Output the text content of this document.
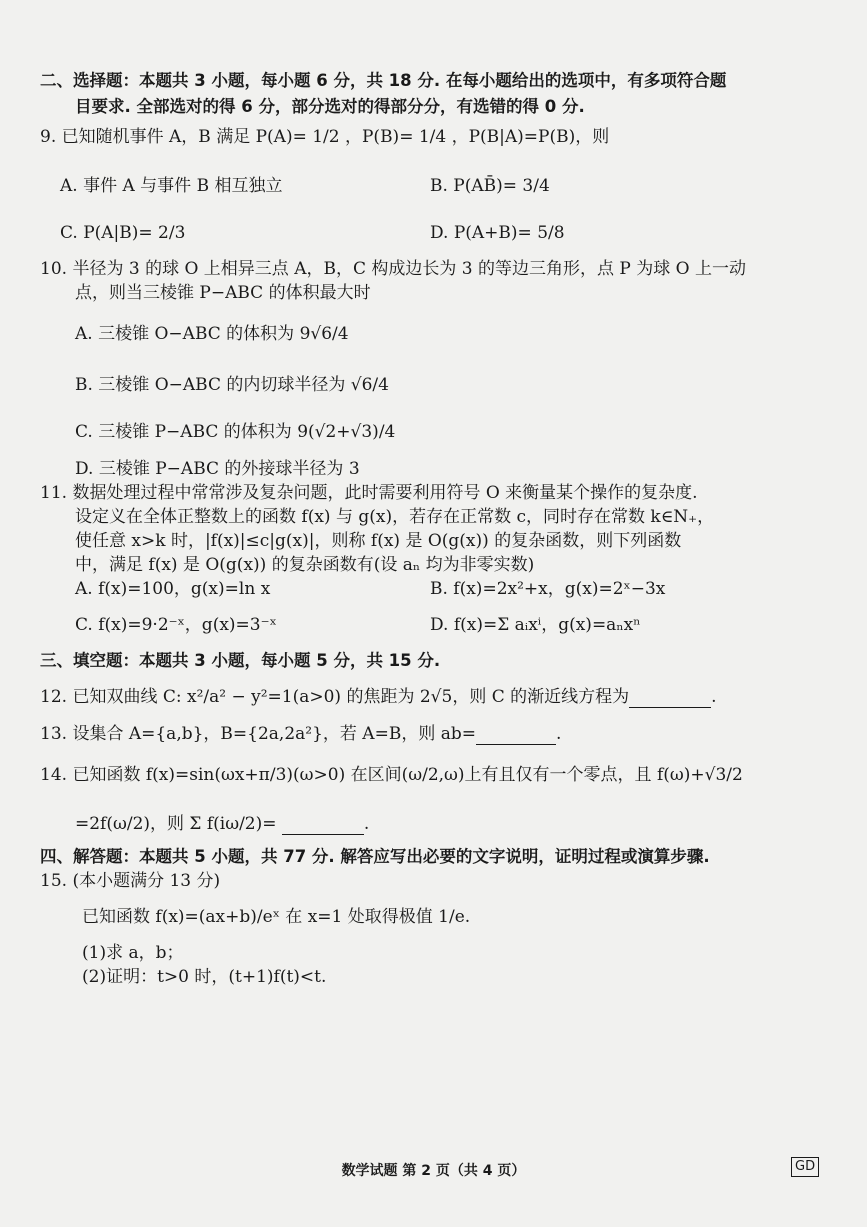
二、选择题：本题共 3 小题，每小题 6 分，共 18 分. 在每小题给出的选项中，有多项符合题
目要求. 全部选对的得 6 分，部分选对的得部分分，有选错的得 0 分.
9. 已知随机事件 A，B 满足 P(A)= 1/2 ，P(B)= 1/4 ，P(B|A)=P(B)，则
A. 事件 A 与事件 B 相互独立	B. P(AB̄)= 3/4
C. P(A|B)= 2/3	D. P(A+B)= 5/8
10. 半径为 3 的球 O 上相异三点 A，B，C 构成边长为 3 的等边三角形，点 P 为球 O 上一动
点，则当三棱锥 P−ABC 的体积最大时
A. 三棱锥 O−ABC 的体积为 9√6/4
B. 三棱锥 O−ABC 的内切球半径为 √6/4
C. 三棱锥 P−ABC 的体积为 9(√2+√3)/4
D. 三棱锥 P−ABC 的外接球半径为 3
11. 数据处理过程中常常涉及复杂问题，此时需要利用符号 O 来衡量某个操作的复杂度.
设定义在全体正整数上的函数 f(x) 与 g(x)，若存在正常数 c，同时存在常数 k∈N₊，
使任意 x>k 时，|f(x)|≤c|g(x)|，则称 f(x) 是 O(g(x)) 的复杂函数，则下列函数
中，满足 f(x) 是 O(g(x)) 的复杂函数有(设 aₙ 均为非零实数)
A. f(x)=100，g(x)=ln x	B. f(x)=2x²+x，g(x)=2ˣ−3x
C. f(x)=9·2⁻ˣ，g(x)=3⁻ˣ	D. f(x)=Σ aᵢxⁱ，g(x)=aₙxⁿ
三、填空题：本题共 3 小题，每小题 5 分，共 15 分.
12. 已知双曲线 C: x²/a² − y²=1(a>0) 的焦距为 2√5，则 C 的渐近线方程为	.
13. 设集合 A={a,b}，B={2a,2a²}，若 A=B，则 ab=	.
14. 已知函数 f(x)=sin(ωx+π/3)(ω>0) 在区间(ω/2,ω)上有且仅有一个零点，且 f(ω)+√3/2
=2f(ω/2)，则 Σ f(iω/2)=	.
四、解答题：本题共 5 小题，共 77 分. 解答应写出必要的文字说明，证明过程或演算步骤.
15. (本小题满分 13 分)
已知函数 f(x)=(ax+b)/eˣ 在 x=1 处取得极值 1/e.
(1)求 a，b；
(2)证明：t>0 时，(t+1)f(t)<t.
数学试题 第 2 页（共 4 页）	GD
